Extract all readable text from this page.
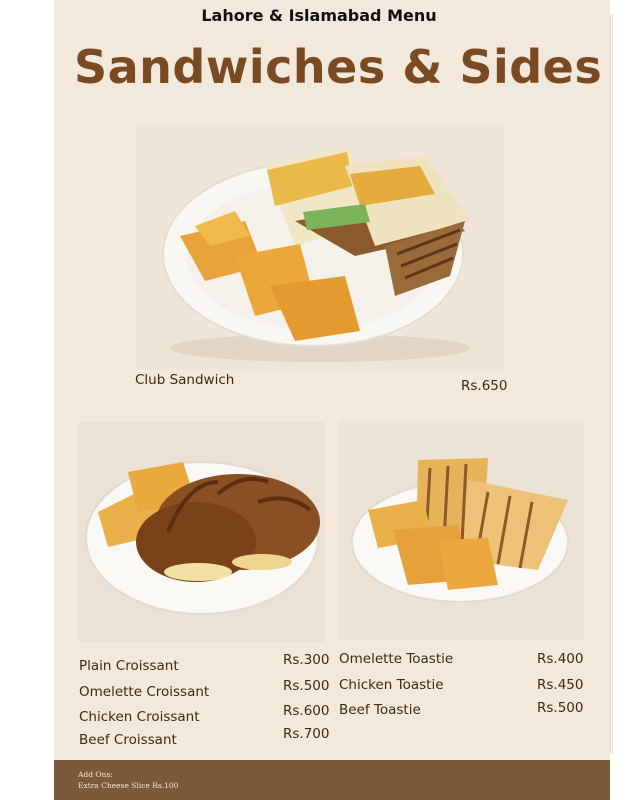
Lahore & Islamabad Menu
Sandwiches & Sides
Club Sandwich	Rs.650
Plain Croissant	Rs.300
Omelette Croissant	Rs.500
Chicken Croissant	Rs.600
Beef Croissant	Rs.700
Omelette Toastie	Rs.400
Chicken Toastie	Rs.450
Beef Toastie	Rs.500
Add Ons:
Extra Cheese Slice Rs.100
